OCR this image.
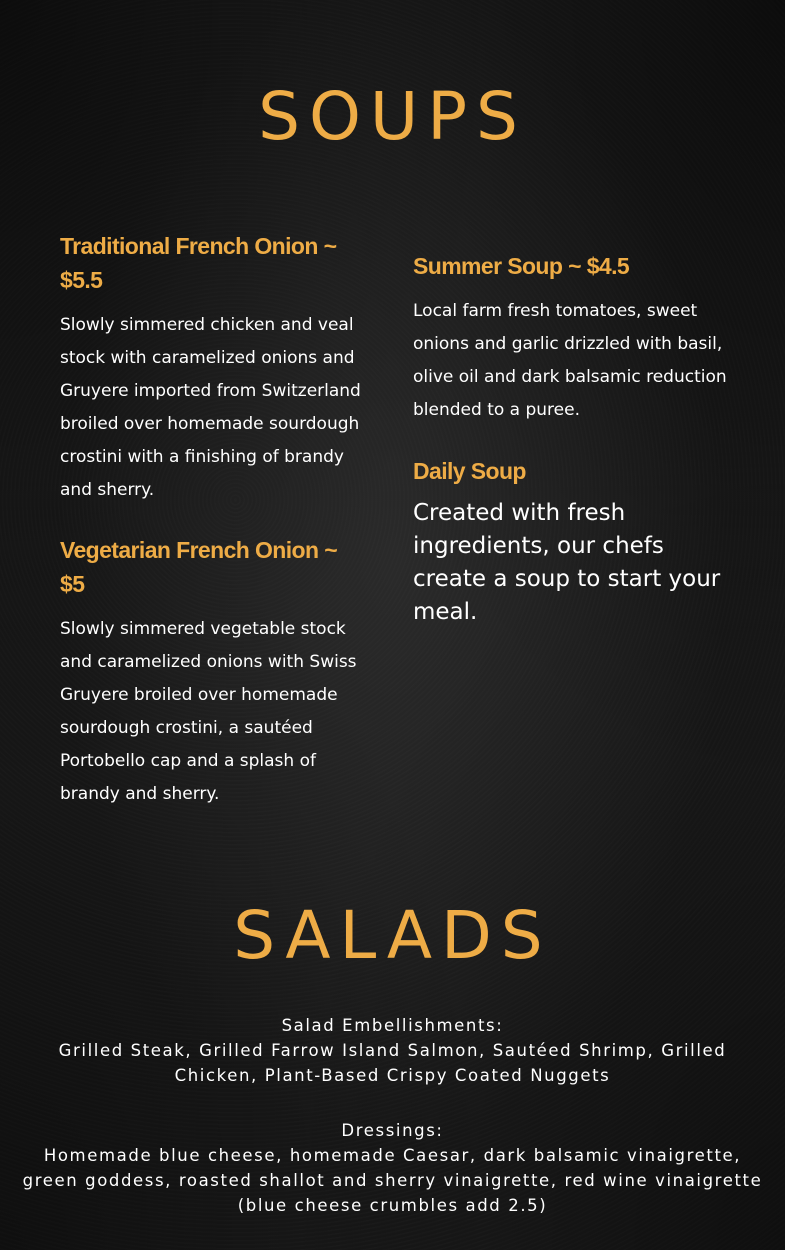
SOUPS
Traditional French Onion ~ $5.5

Slowly simmered chicken and veal stock with caramelized onions and Gruyere imported from Switzerland broiled over homemade sourdough crostini with a finishing of brandy and sherry.

Vegetarian French Onion ~ $5

Slowly simmered vegetable stock and caramelized onions with Swiss Gruyere broiled over homemade sourdough crostini, a sautéed Portobello cap and a splash of brandy and sherry.

Summer Soup ~ $4.5

Local farm fresh tomatoes, sweet onions and garlic drizzled with basil, olive oil and dark balsamic reduction blended to a puree.

Daily Soup

Created with fresh ingredients, our chefs create a soup to start your meal.

SALADS

Salad Embellishments:

Grilled Steak, Grilled Farrow Island Salmon, Sautéed Shrimp, Grilled Chicken, Plant-Based Crispy Coated Nuggets

Dressings:

Homemade blue cheese, homemade Caesar, dark balsamic vinaigrette, green goddess, roasted shallot and sherry vinaigrette, red wine vinaigrette (blue cheese crumbles add 2.5)
